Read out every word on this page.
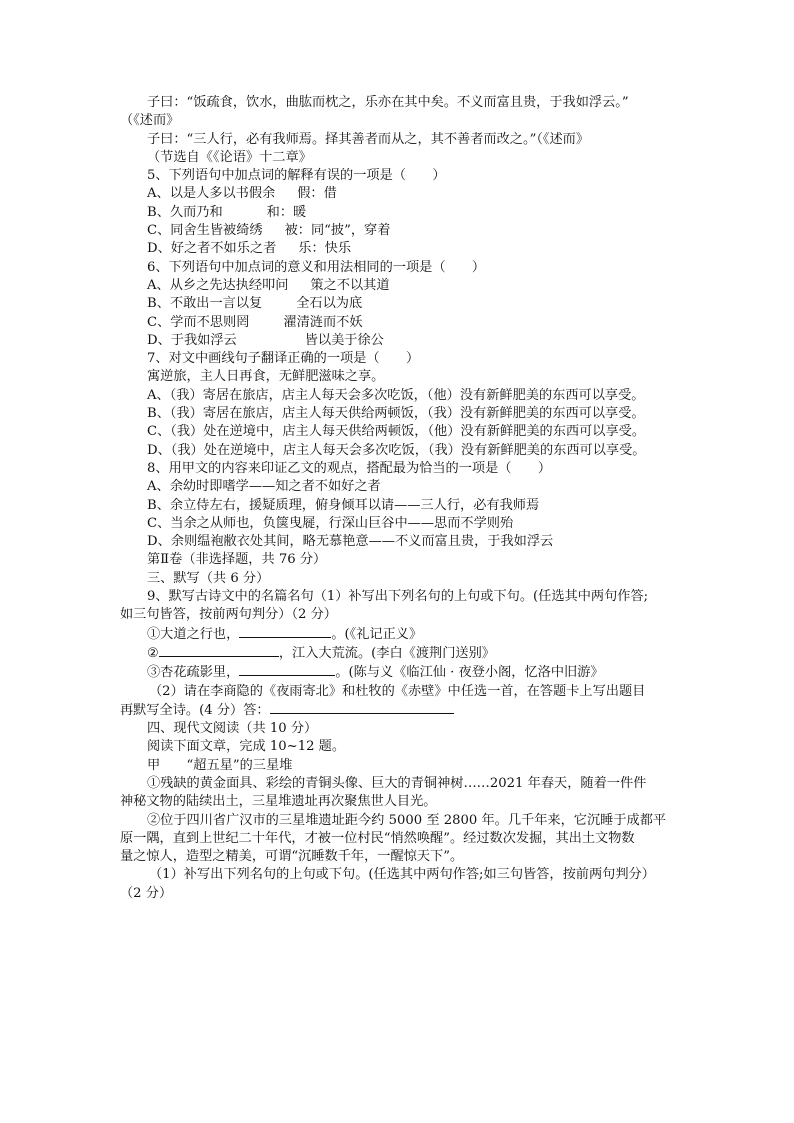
子曰：“饭疏食，饮水，曲肱而枕之，乐亦在其中矣。不义而富且贵，于我如浮云。”

（《述而》

子曰：“三人行，必有我师焉。择其善者而从之，其不善者而改之。”（《述而》

（节选自《《论语》十二章》

5、下列语句中加点词的解释有误的一项是（　　）

A、以是人多以书假余 假：借

B、久而乃和	和：暖

C、同舍生皆被绮绣 被：同“披”，穿着

D、好之者不如乐之者 乐：快乐

6、下列语句中加点词的意义和用法相同的一项是（　　）

A、从乡之先达执经叩问 策之不以其道

B、不敢出一言以复	全石以为底

C、学而不思则罔	濯清涟而不妖

D、于我如浮云	皆以美于徐公

7、对文中画线句子翻译正确的一项是（　　）

寓逆旅，主人日再食，无鲜肥滋味之享。

A、（我）寄居在旅店，店主人每天会多次吃饭，（他）没有新鲜肥美的东西可以享受。

B、（我）寄居在旅店，店主人每天供给两顿饭，（我）没有新鲜肥美的东西可以享受。

C、（我）处在逆境中，店主人每天供给两顿饭，（他）没有新鲜肥美的东西可以享受。

D、（我）处在逆境中，店主人每天会多次吃饭，（我）没有新鲜肥美的东西可以享受。

8、用甲文的内容来印证乙文的观点，搭配最为恰当的一项是（　　）

A、余幼时即嗜学——知之者不如好之者

B、余立侍左右，援疑质理，俯身倾耳以请——三人行，必有我师焉

C、当余之从师也，负箧曳屣，行深山巨谷中——思而不学则殆

D、余则缊袍敝衣处其间，略无慕艳意——不义而富且贵，于我如浮云

第Ⅱ卷（非选择题，共 76 分）

三、默写（共 6 分）

9、默写古诗文中的名篇名句（1）补写出下列名句的上句或下句。(任选其中两句作答;

如三句皆答，按前两句判分）（2 分）

①大道之行也，	。(《礼记正义》

②	，江入大荒流。(李白《渡荆门送别》

③杏花疏影里，	。(陈与义《临江仙 · 夜登小阁，忆洛中旧游》

（2）请在李商隐的《夜雨寄北》和杜牧的《赤壁》中任选一首，在答题卡上写出题目

再默写全诗。(4 分）答：

四、现代文阅读（共 10 分）

阅读下面文章，完成 10~12 题。

甲　　“超五星”的三星堆

①残缺的黄金面具、彩绘的青铜头像、巨大的青铜神树……2021 年春天，随着一件件

神秘文物的陆续出土，三星堆遗址再次聚焦世人目光。

②位于四川省广汉市的三星堆遗址距今约 5000 至 2800 年。几千年来，它沉睡于成都平

原一隅，直到上世纪二十年代，才被一位村民“悄然唤醒”。经过数次发掘，其出土文物数

量之惊人，造型之精美，可谓“沉睡数千年，一醒惊天下”。

（1）补写出下列名句的上句或下句。(任选其中两句作答;如三句皆答，按前两句判分）

（2 分）
